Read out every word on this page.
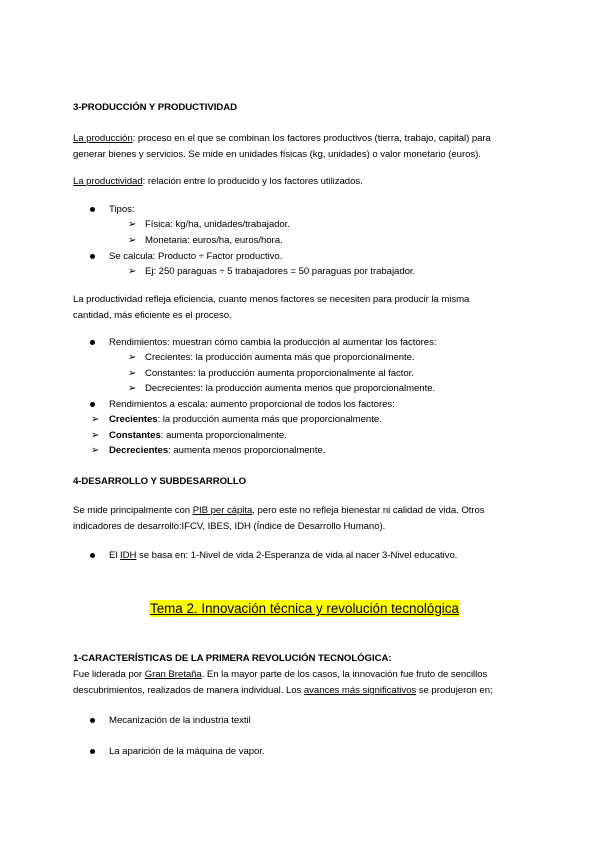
3-PRODUCCIÓN Y PRODUCTIVIDAD
La producción: proceso en el que se combinan los factores productivos (tierra, trabajo, capital) para
generar bienes y servicios. Se mide en unidades físicas (kg, unidades) o valor monetario (euros).
La productividad: relación entre lo producido y los factores utilizados.
Tipos:
➢ Física: kg/ha, unidades/trabajador.
➢ Monetaria: euros/ha, euros/hora.
Se calcula: Producto ÷ Factor productivo.
➢ Ej: 250 paraguas ÷ 5 trabajadores = 50 paraguas por trabajador.
La productividad refleja eficiencia, cuanto menos factores se necesiten para producir la misma
cantidad, más eficiente es el proceso.
Rendimientos: muestran cómo cambia la producción al aumentar los factores:
➢ Crecientes: la producción aumenta más que proporcionalmente.
➢ Constantes: la producción aumenta proporcionalmente al factor.
➢ Decrecientes: la producción aumenta menos que proporcionalmente.
Rendimientos a escala: aumento proporcional de todos los factores:
➢ Crecientes: la producción aumenta más que proporcionalmente.
➢ Constantes: aumenta proporcionalmente.
➢ Decrecientes: aumenta menos proporcionalmente.
4-DESARROLLO Y SUBDESARROLLO
Se mide principalmente con PIB per cápita, pero este no refleja bienestar ni calidad de vida. Otros
indicadores de desarrollo:IFCV, IBES, IDH (Índice de Desarrollo Humano).
El IDH se basa en: 1-Nivel de vida 2-Esperanza de vida al nacer 3-Nivel educativo.
Tema 2. Innovación técnica y revolución tecnológica
1-CARACTERÍSTICAS DE LA PRIMERA REVOLUCIÓN TECNOLÓGICA:
Fue liderada por Gran Bretaña. En la mayor parte de los casos, la innovación fue fruto de sencillos
descubrimientos, realizados de manera individual. Los avances más significativos se produjeron en;
Mecanización de la industria textil
La aparición de la máquina de vapor.
